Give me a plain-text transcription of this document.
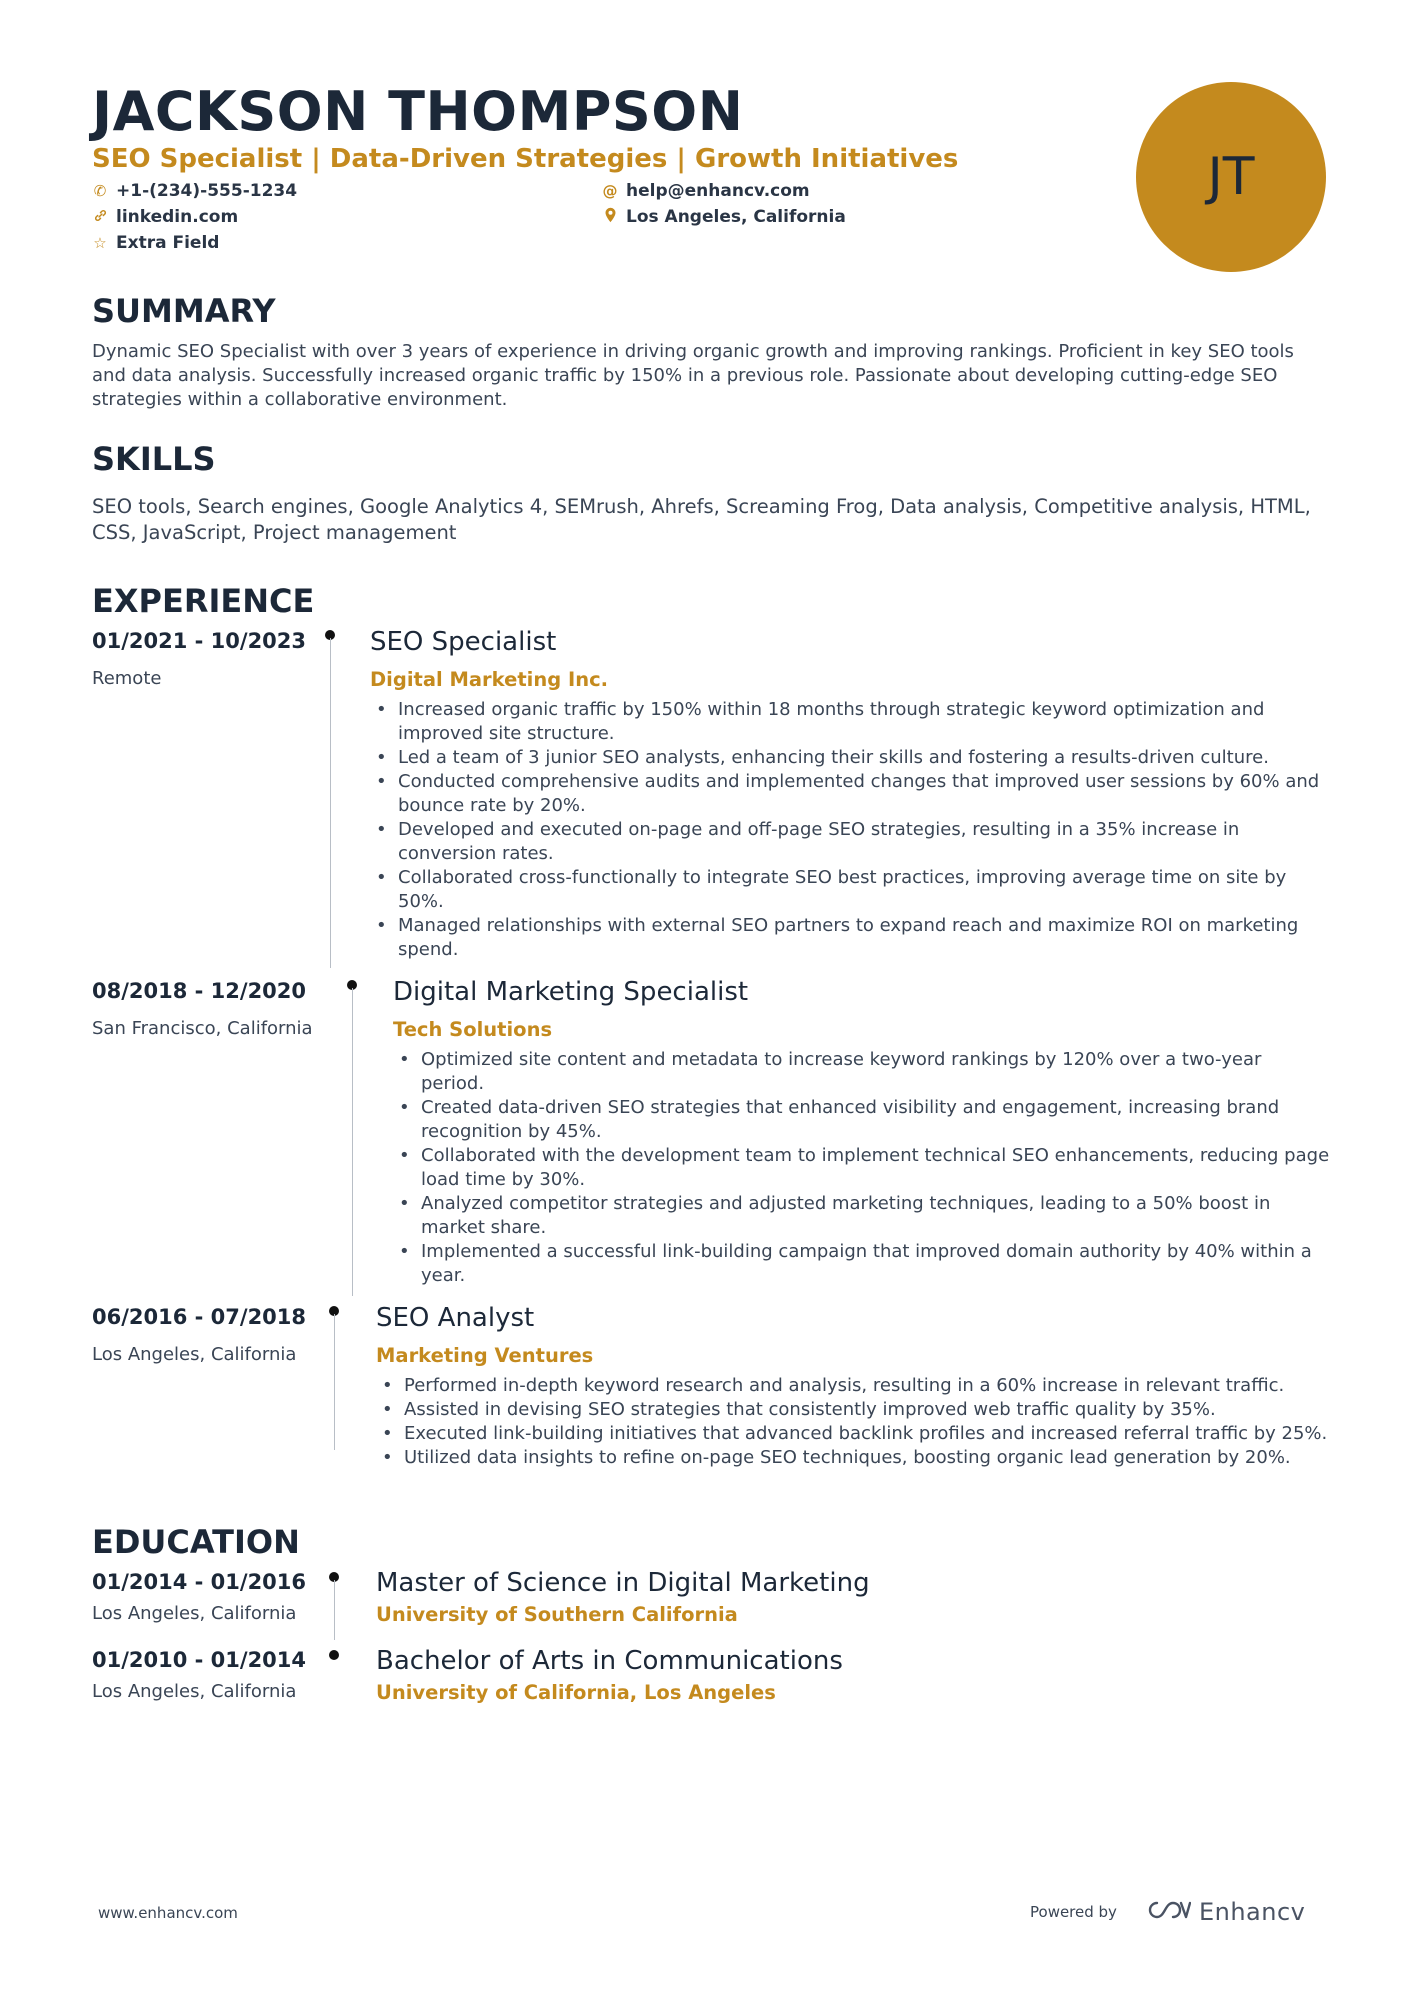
JACKSON THOMPSON
SEO Specialist | Data-Driven Strategies | Growth Initiatives
✆ +1-(234)-555-1234	@ help@enhancv.com
linkedin.com	Los Angeles, California
☆ Extra Field
JT
SUMMARY
Dynamic SEO Specialist with over 3 years of experience in driving organic growth and improving rankings. Proficient in key SEO tools and data analysis. Successfully increased organic traffic by 150% in a previous role. Passionate about developing cutting-edge SEO strategies within a collaborative environment.
SKILLS
SEO tools, Search engines, Google Analytics 4, SEMrush, Ahrefs, Screaming Frog, Data analysis, Competitive analysis, HTML, CSS, JavaScript, Project management
EXPERIENCE
01/2021 - 10/2023
Remote
SEO Specialist
Digital Marketing Inc.
• Increased organic traffic by 150% within 18 months through strategic keyword optimization and improved site structure.
• Led a team of 3 junior SEO analysts, enhancing their skills and fostering a results-driven culture.
• Conducted comprehensive audits and implemented changes that improved user sessions by 60% and bounce rate by 20%.
• Developed and executed on-page and off-page SEO strategies, resulting in a 35% increase in conversion rates.
• Collaborated cross-functionally to integrate SEO best practices, improving average time on site by 50%.
• Managed relationships with external SEO partners to expand reach and maximize ROI on marketing spend.
08/2018 - 12/2020
San Francisco, California
Digital Marketing Specialist
Tech Solutions
• Optimized site content and metadata to increase keyword rankings by 120% over a two-year period.
• Created data-driven SEO strategies that enhanced visibility and engagement, increasing brand recognition by 45%.
• Collaborated with the development team to implement technical SEO enhancements, reducing page load time by 30%.
• Analyzed competitor strategies and adjusted marketing techniques, leading to a 50% boost in market share.
• Implemented a successful link-building campaign that improved domain authority by 40% within a year.
06/2016 - 07/2018
Los Angeles, California
SEO Analyst
Marketing Ventures
• Performed in-depth keyword research and analysis, resulting in a 60% increase in relevant traffic.
• Assisted in devising SEO strategies that consistently improved web traffic quality by 35%.
• Executed link-building initiatives that advanced backlink profiles and increased referral traffic by 25%.
• Utilized data insights to refine on-page SEO techniques, boosting organic lead generation by 20%.
EDUCATION
01/2014 - 01/2016
Los Angeles, California
Master of Science in Digital Marketing
University of Southern California
01/2010 - 01/2014
Los Angeles, California
Bachelor of Arts in Communications
University of California, Los Angeles
www.enhancv.com	Powered by	Enhancv
